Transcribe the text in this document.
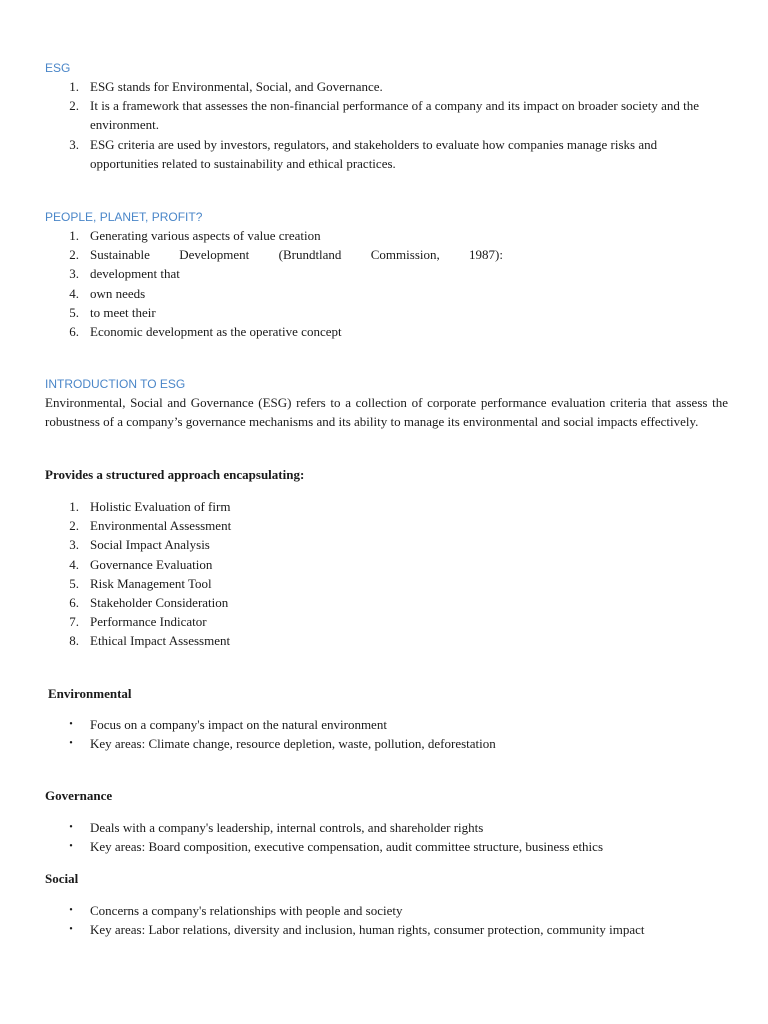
ESG
1. ESG stands for Environmental, Social, and Governance.
2. It is a framework that assesses the non-financial performance of a company and its impact on broader society and the environment.
3. ESG criteria are used by investors, regulators, and stakeholders to evaluate how companies manage risks and opportunities related to sustainability and ethical practices.
PEOPLE, PLANET, PROFIT?
1. Generating various aspects of value creation
2. Sustainable Development (Brundtland Commission, 1987):
3. development that
4. own needs
5. to meet their
6. Economic development as the operative concept
INTRODUCTION TO ESG
Environmental, Social and Governance (ESG) refers to a collection of corporate performance evaluation criteria that assess the robustness of a company’s governance mechanisms and its ability to manage its environmental and social impacts effectively.
Provides a structured approach encapsulating:
1. Holistic Evaluation of firm
2. Environmental Assessment
3. Social Impact Analysis
4. Governance Evaluation
5. Risk Management Tool
6. Stakeholder Consideration
7. Performance Indicator
8. Ethical Impact Assessment
Environmental
•	Focus on a company's impact on the natural environment
•	Key areas: Climate change, resource depletion, waste, pollution, deforestation
Governance
•	Deals with a company's leadership, internal controls, and shareholder rights
•	Key areas: Board composition, executive compensation, audit committee structure, business ethics
Social
•	Concerns a company's relationships with people and society
•	Key areas: Labor relations, diversity and inclusion, human rights, consumer protection, community impact
